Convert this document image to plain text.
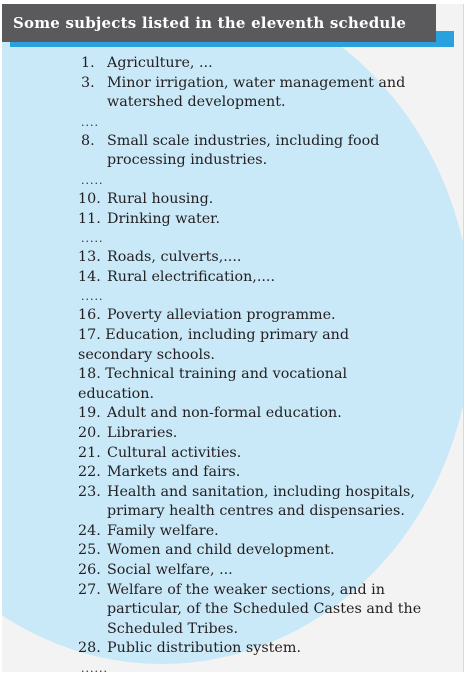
Some subjects listed in the eleventh schedule
1. Agriculture, ...
3. Minor irrigation, water management and watershed development.
....
8. Small scale industries, including food processing industries.
.....
10. Rural housing.
11. Drinking water.
.....
13. Roads, culverts,....
14. Rural electrification,....
.....
16. Poverty alleviation programme.
17. Education, including primary and secondary schools.
18. Technical training and vocational education.
19. Adult and non-formal education.
20. Libraries.
21. Cultural activities.
22. Markets and fairs.
23. Health and sanitation, including hospitals, primary health centres and dispensaries.
24. Family welfare.
25. Women and child development.
26. Social welfare, ...
27. Welfare of the weaker sections, and in particular, of the Scheduled Castes and the Scheduled Tribes.
28. Public distribution system.
......
